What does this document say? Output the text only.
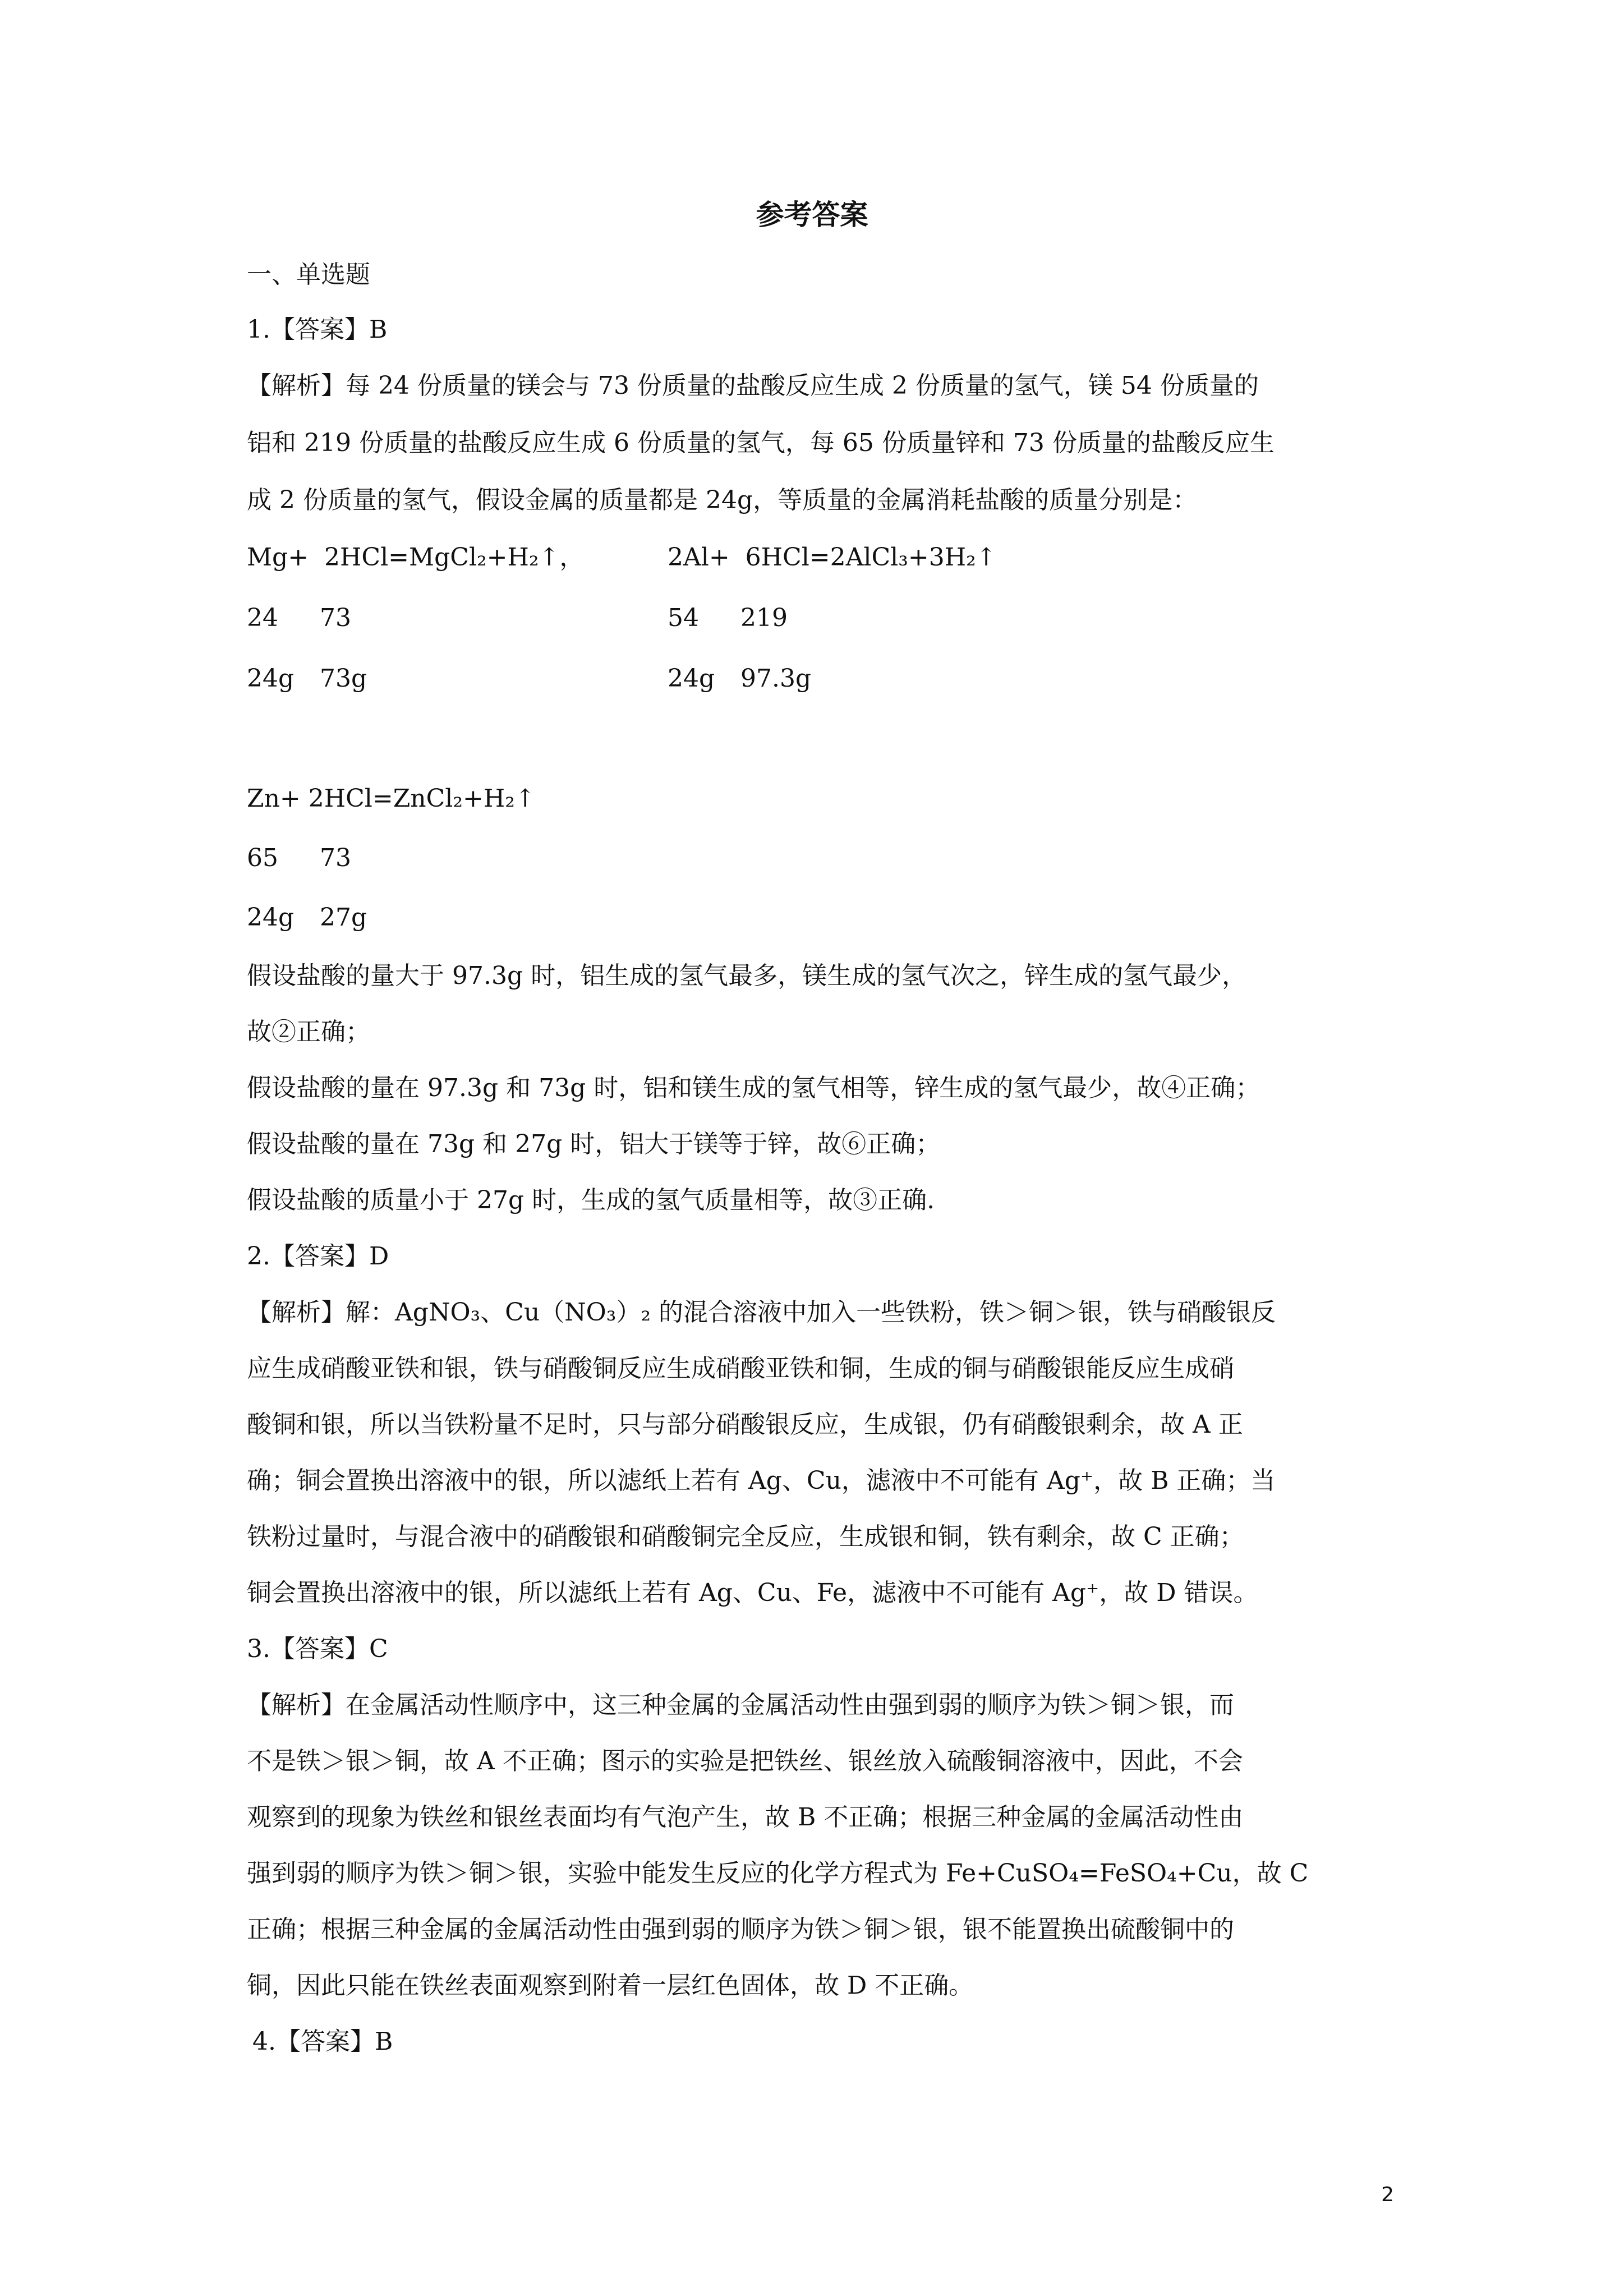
参考答案
一、单选题
1.【答案】B
【解析】每 24 份质量的镁会与 73 份质量的盐酸反应生成 2 份质量的氢气，镁 54 份质量的
铝和 219 份质量的盐酸反应生成 6 份质量的氢气，每 65 份质量锌和 73 份质量的盐酸反应生
成 2 份质量的氢气，假设金属的质量都是 24g，等质量的金属消耗盐酸的质量分别是：
Mg+  2HCl=MgCl₂+H₂↑，	2Al+  6HCl=2AlCl₃+3H₂↑
24	73	54	219
24g	73g	24g	97.3g
Zn+ 2HCl=ZnCl₂+H₂↑
65	73
24g	27g
假设盐酸的量大于 97.3g 时，铝生成的氢气最多，镁生成的氢气次之，锌生成的氢气最少，
故②正确；
假设盐酸的量在 97.3g 和 73g 时，铝和镁生成的氢气相等，锌生成的氢气最少，故④正确；
假设盐酸的量在 73g 和 27g 时，铝大于镁等于锌，故⑥正确；
假设盐酸的质量小于 27g 时，生成的氢气质量相等，故③正确.
2.【答案】D
【解析】解：AgNO₃、Cu（NO₃）₂ 的混合溶液中加入一些铁粉，铁＞铜＞银，铁与硝酸银反
应生成硝酸亚铁和银，铁与硝酸铜反应生成硝酸亚铁和铜，生成的铜与硝酸银能反应生成硝
酸铜和银，所以当铁粉量不足时，只与部分硝酸银反应，生成银，仍有硝酸银剩余，故 A 正
确；铜会置换出溶液中的银，所以滤纸上若有 Ag、Cu，滤液中不可能有 Ag⁺，故 B 正确；当
铁粉过量时，与混合液中的硝酸银和硝酸铜完全反应，生成银和铜，铁有剩余，故 C 正确；
铜会置换出溶液中的银，所以滤纸上若有 Ag、Cu、Fe，滤液中不可能有 Ag⁺，故 D 错误。
3.【答案】C
【解析】在金属活动性顺序中，这三种金属的金属活动性由强到弱的顺序为铁＞铜＞银，而
不是铁＞银＞铜，故 A 不正确；图示的实验是把铁丝、银丝放入硫酸铜溶液中，因此，不会
观察到的现象为铁丝和银丝表面均有气泡产生，故 B 不正确；根据三种金属的金属活动性由
强到弱的顺序为铁＞铜＞银，实验中能发生反应的化学方程式为 Fe+CuSO₄=FeSO₄+Cu，故 C
正确；根据三种金属的金属活动性由强到弱的顺序为铁＞铜＞银，银不能置换出硫酸铜中的
铜，因此只能在铁丝表面观察到附着一层红色固体，故 D 不正确。
4.【答案】B
2
